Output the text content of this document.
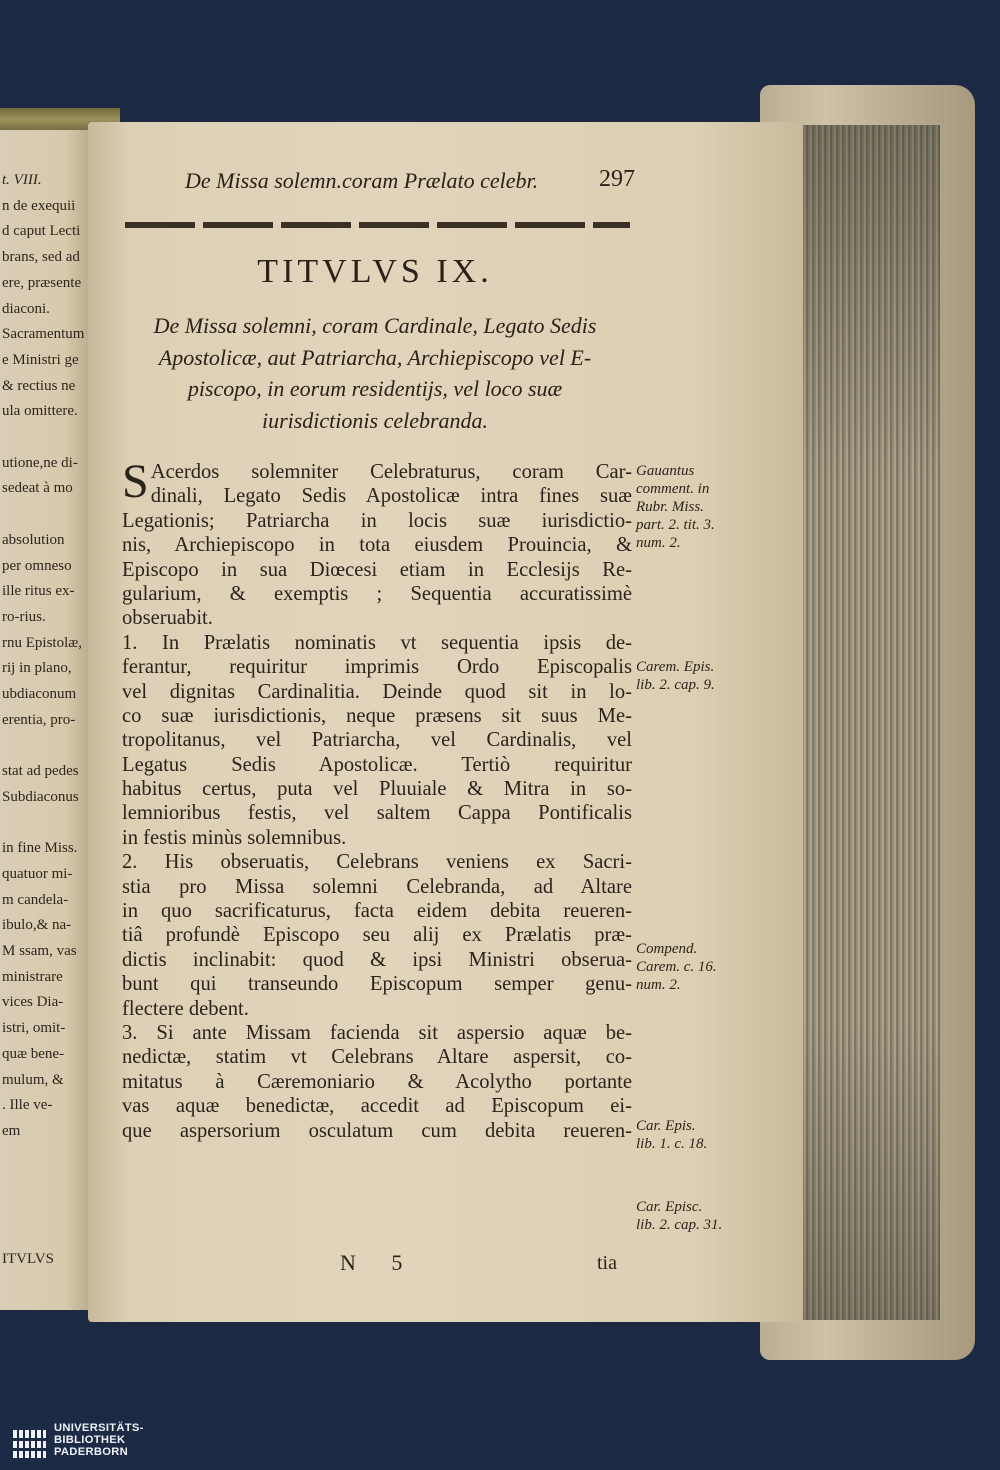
t. VIII.
n de exequii
d caput Lecti
brans, sed ad
ere, præsente
diaconi.
Sacramentum
e Ministri ge
& rectius ne
ula omittere.
utione,ne di-
sedeat à mo
absolution
per omneso
ille ritus ex-
ro-rius.
rnu Epistolæ,
rij in plano,
ubdiaconum
erentia, pro-
stat ad pedes
Subdiaconus
in fine Miss.
quatuor mi-
m candela-
ibulo,& na-
M ssam, vas
ministrare
vices Dia-
istri, omit-
quæ bene-
mulum, &
. Ille ve-
em
ITVLVS
De Missa solemn.coram Prælato celebr.	297
TITVLVS IX.
De Missa solemni, coram Cardinale, Legato Sedis
Apostolicæ, aut Patriarcha, Archiepiscopo vel E-
piscopo, in eorum residentijs, vel loco suæ
iurisdictionis celebranda.
S Acerdos solemniter Celebraturus, coram Car-
dinali, Legato Sedis Apostolicæ intra fines suæ
Legationis; Patriarcha in locis suæ iurisdictio-
nis, Archiepiscopo in tota eiusdem Prouincia, &
Episcopo in sua Diœcesi etiam in Ecclesijs Re-
gularium, & exemptis ; Sequentia accuratissimè
obseruabit.
1. In Prælatis nominatis vt sequentia ipsis de-
ferantur, requiritur imprimis Ordo Episcopalis
vel dignitas Cardinalitia. Deinde quod sit in lo-
co suæ iurisdictionis, neque præsens sit suus Me-
tropolitanus, vel Patriarcha, vel Cardinalis, vel
Legatus Sedis Apostolicæ. Tertiò requiritur
habitus certus, puta vel Pluuiale & Mitra in so-
lemnioribus festis, vel saltem Cappa Pontificalis
in festis minùs solemnibus.
2. His obseruatis, Celebrans veniens ex Sacri-
stia pro Missa solemni Celebranda, ad Altare
in quo sacrificaturus, facta eidem debita reueren-
tiâ profundè Episcopo seu alij ex Prælatis præ-
dictis inclinabit: quod & ipsi Ministri obserua-
bunt qui transeundo Episcopum semper genu-
flectere debent.
3. Si ante Missam facienda sit aspersio aquæ be-
nedictæ, statim vt Celebrans Altare aspersit, co-
mitatus à Cæremoniario & Acolytho portante
vas aquæ benedictæ, accedit ad Episcopum ei-
que aspersorium osculatum cum debita reueren-
Gauantus
comment. in
Rubr. Miss.
part. 2. tit. 3.
num. 2.
Carem. Epis.
lib. 2. cap. 9.
Compend.
Carem. c. 16.
num. 2.
Car. Epis.
lib. 1. c. 18.
Car. Episc.
lib. 2. cap. 31.
N 5	tia
UNIVERSITÄTS-
BIBLIOTHEK
PADERBORN
